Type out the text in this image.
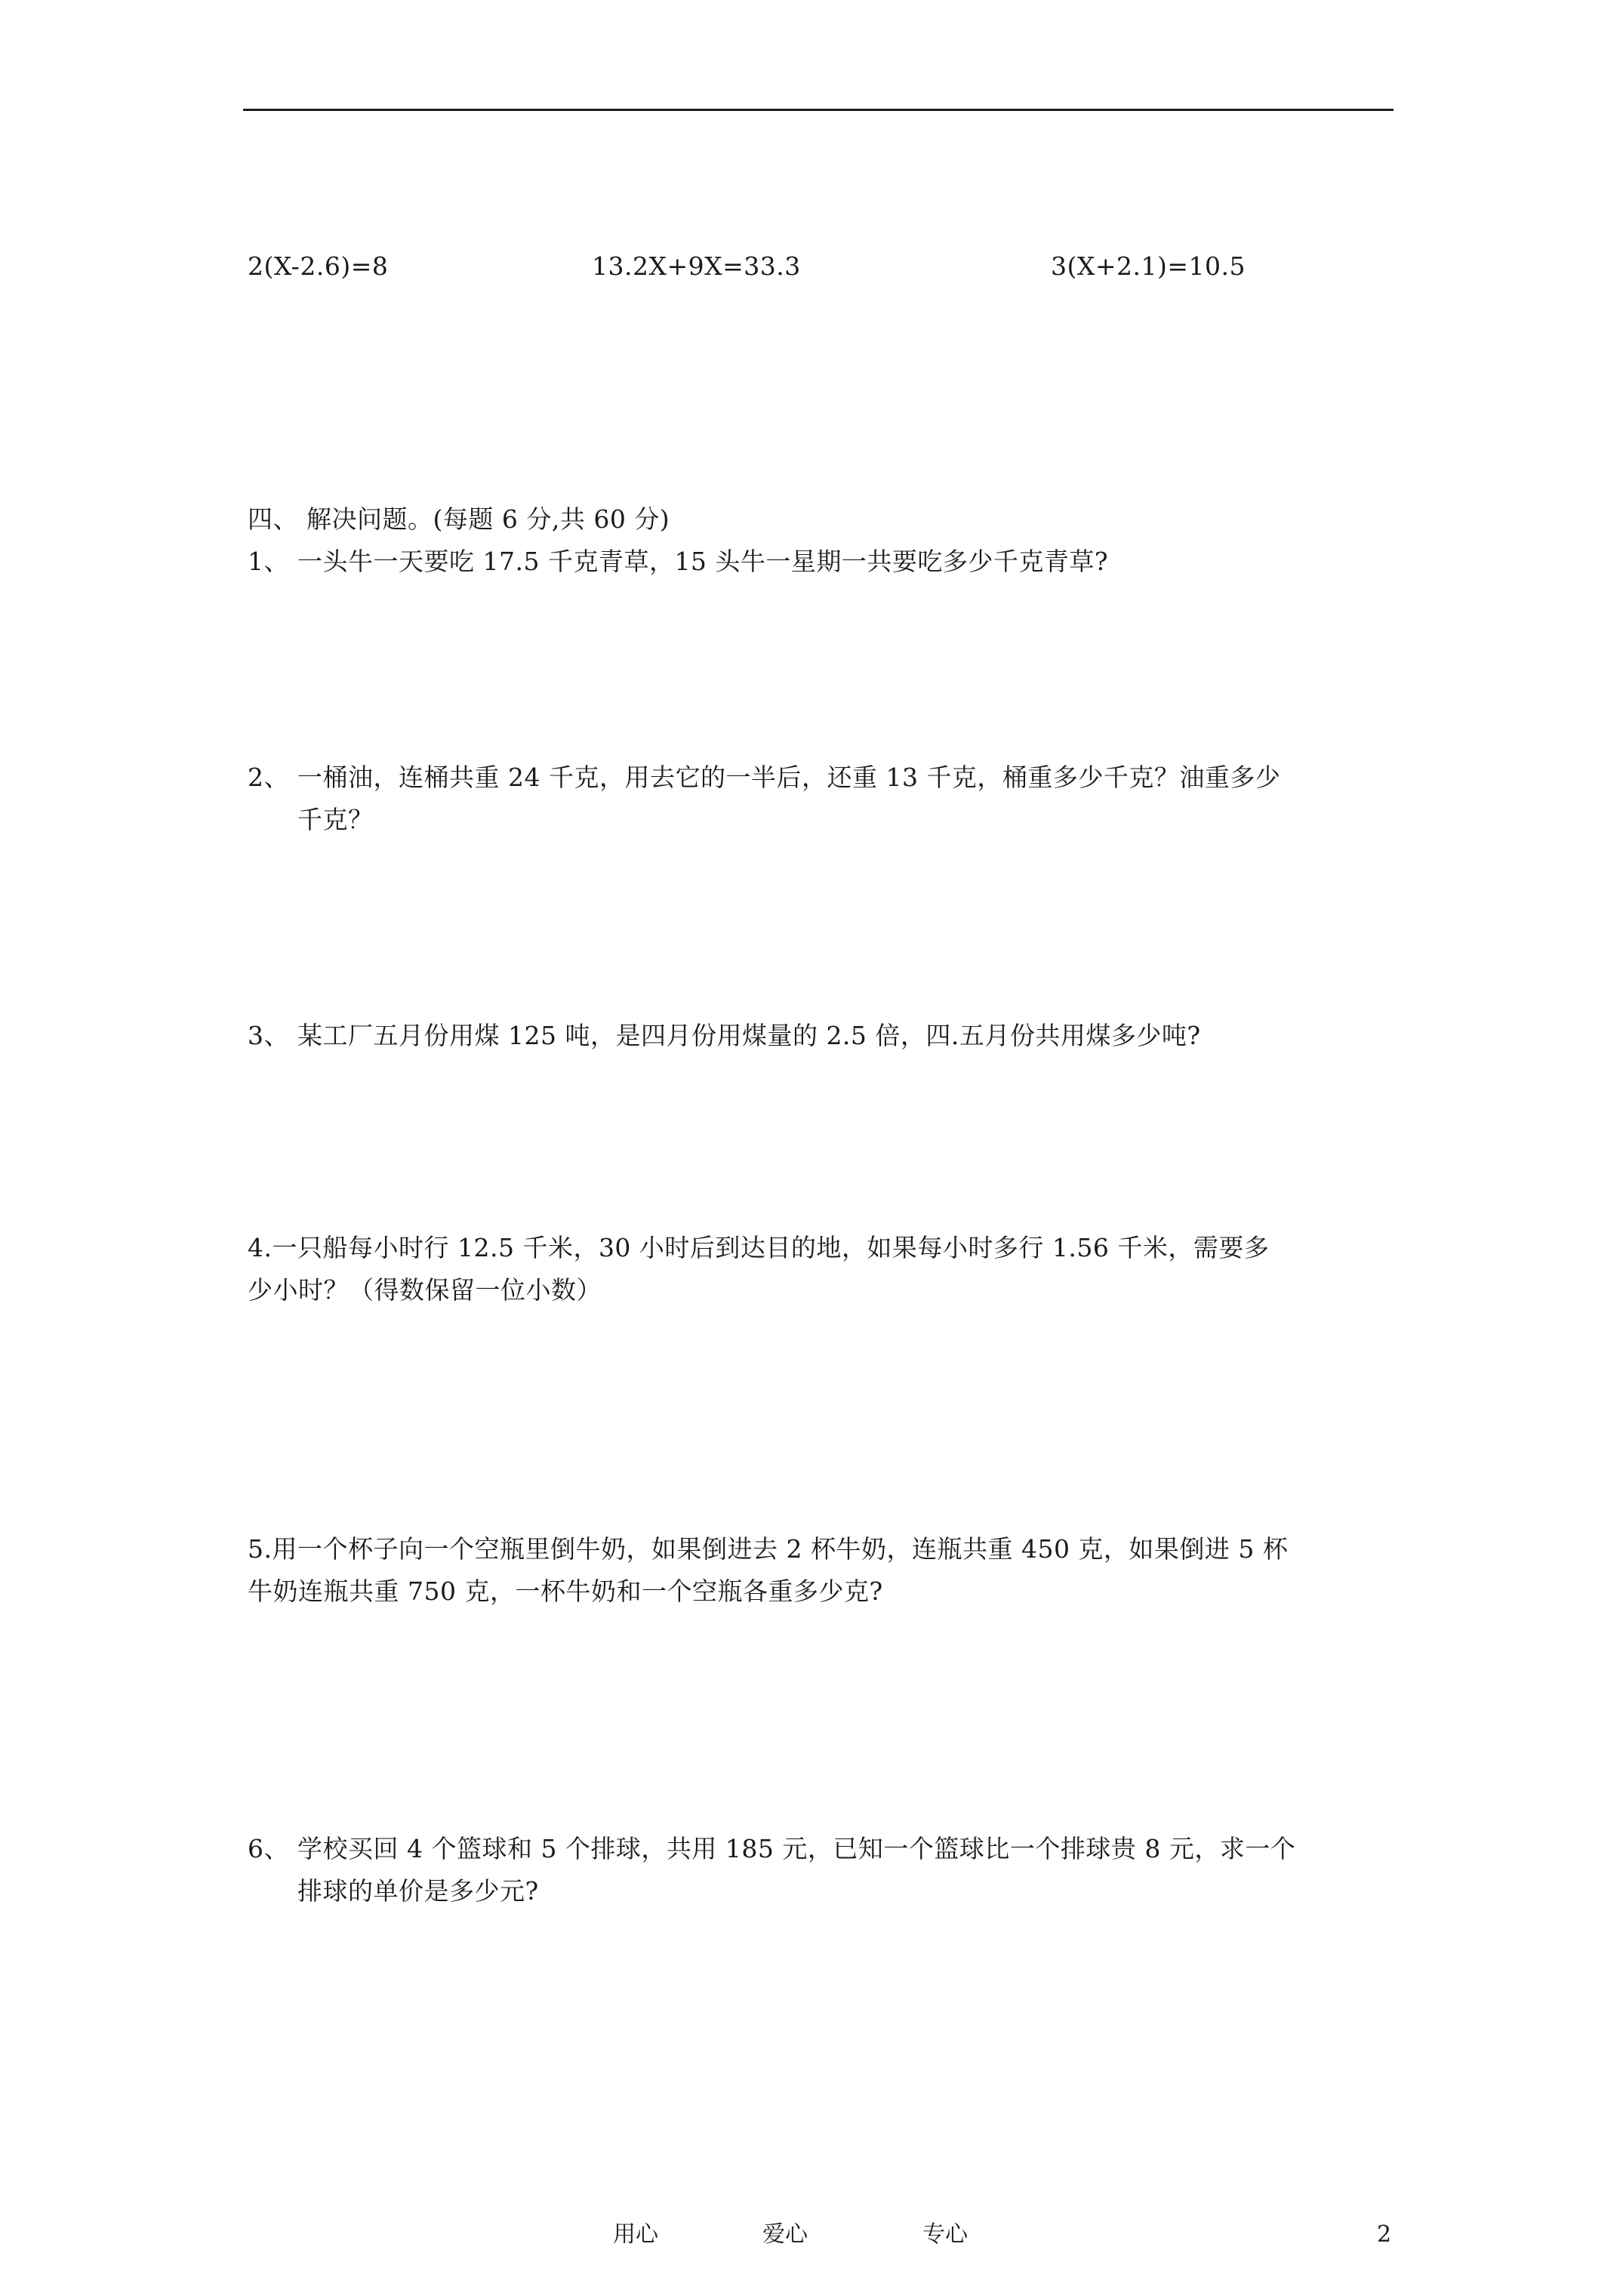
2(X-2.6)=8	13.2X+9X=33.3	3(X+2.1)=10.5
四、 解决问题。(每题 6 分,共 60 分)
1、 一头牛一天要吃 17.5 千克青草，15 头牛一星期一共要吃多少千克青草?
2、 一桶油，连桶共重 24 千克，用去它的一半后，还重 13 千克，桶重多少千克？油重多少
千克？
3、 某工厂五月份用煤 125 吨，是四月份用煤量的 2.5 倍，四.五月份共用煤多少吨?
4.一只船每小时行 12.5 千米，30 小时后到达目的地，如果每小时多行 1.56 千米，需要多
少小时？（得数保留一位小数）
5.用一个杯子向一个空瓶里倒牛奶，如果倒进去 2 杯牛奶，连瓶共重 450 克，如果倒进 5 杯
牛奶连瓶共重 750 克，一杯牛奶和一个空瓶各重多少克?
6、 学校买回 4 个篮球和 5 个排球，共用 185 元，已知一个篮球比一个排球贵 8 元，求一个
排球的单价是多少元?
用心	爱心	专心	2
